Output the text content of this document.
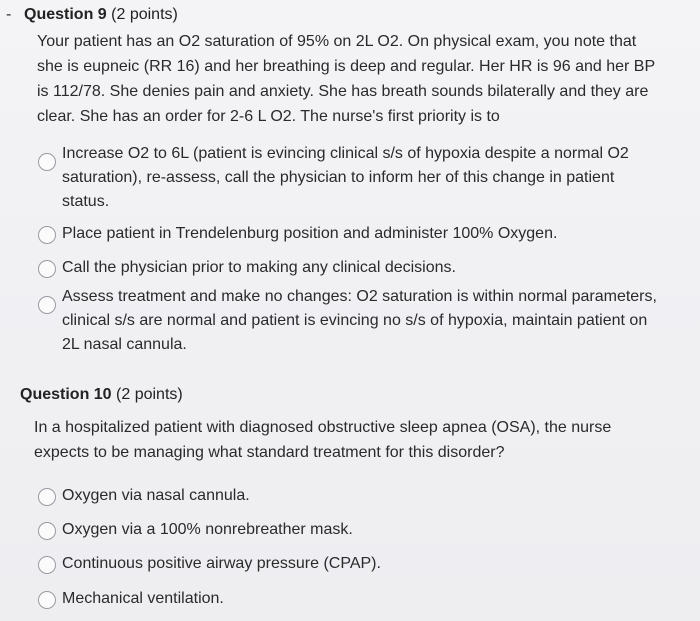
- Question 9 (2 points)
Your patient has an O2 saturation of 95% on 2L O2. On physical exam, you note that she is eupneic (RR 16) and her breathing is deep and regular. Her HR is 96 and her BP is 112/78. She denies pain and anxiety. She has breath sounds bilaterally and they are clear. She has an order for 2-6 L O2. The nurse's first priority is to
Increase O2 to 6L (patient is evincing clinical s/s of hypoxia despite a normal O2 saturation), re-assess, call the physician to inform her of this change in patient status.
Place patient in Trendelenburg position and administer 100% Oxygen.
Call the physician prior to making any clinical decisions.
Assess treatment and make no changes: O2 saturation is within normal parameters, clinical s/s are normal and patient is evincing no s/s of hypoxia, maintain patient on 2L nasal cannula.
Question 10 (2 points)
In a hospitalized patient with diagnosed obstructive sleep apnea (OSA), the nurse expects to be managing what standard treatment for this disorder?
Oxygen via nasal cannula.
Oxygen via a 100% nonrebreather mask.
Continuous positive airway pressure (CPAP).
Mechanical ventilation.
